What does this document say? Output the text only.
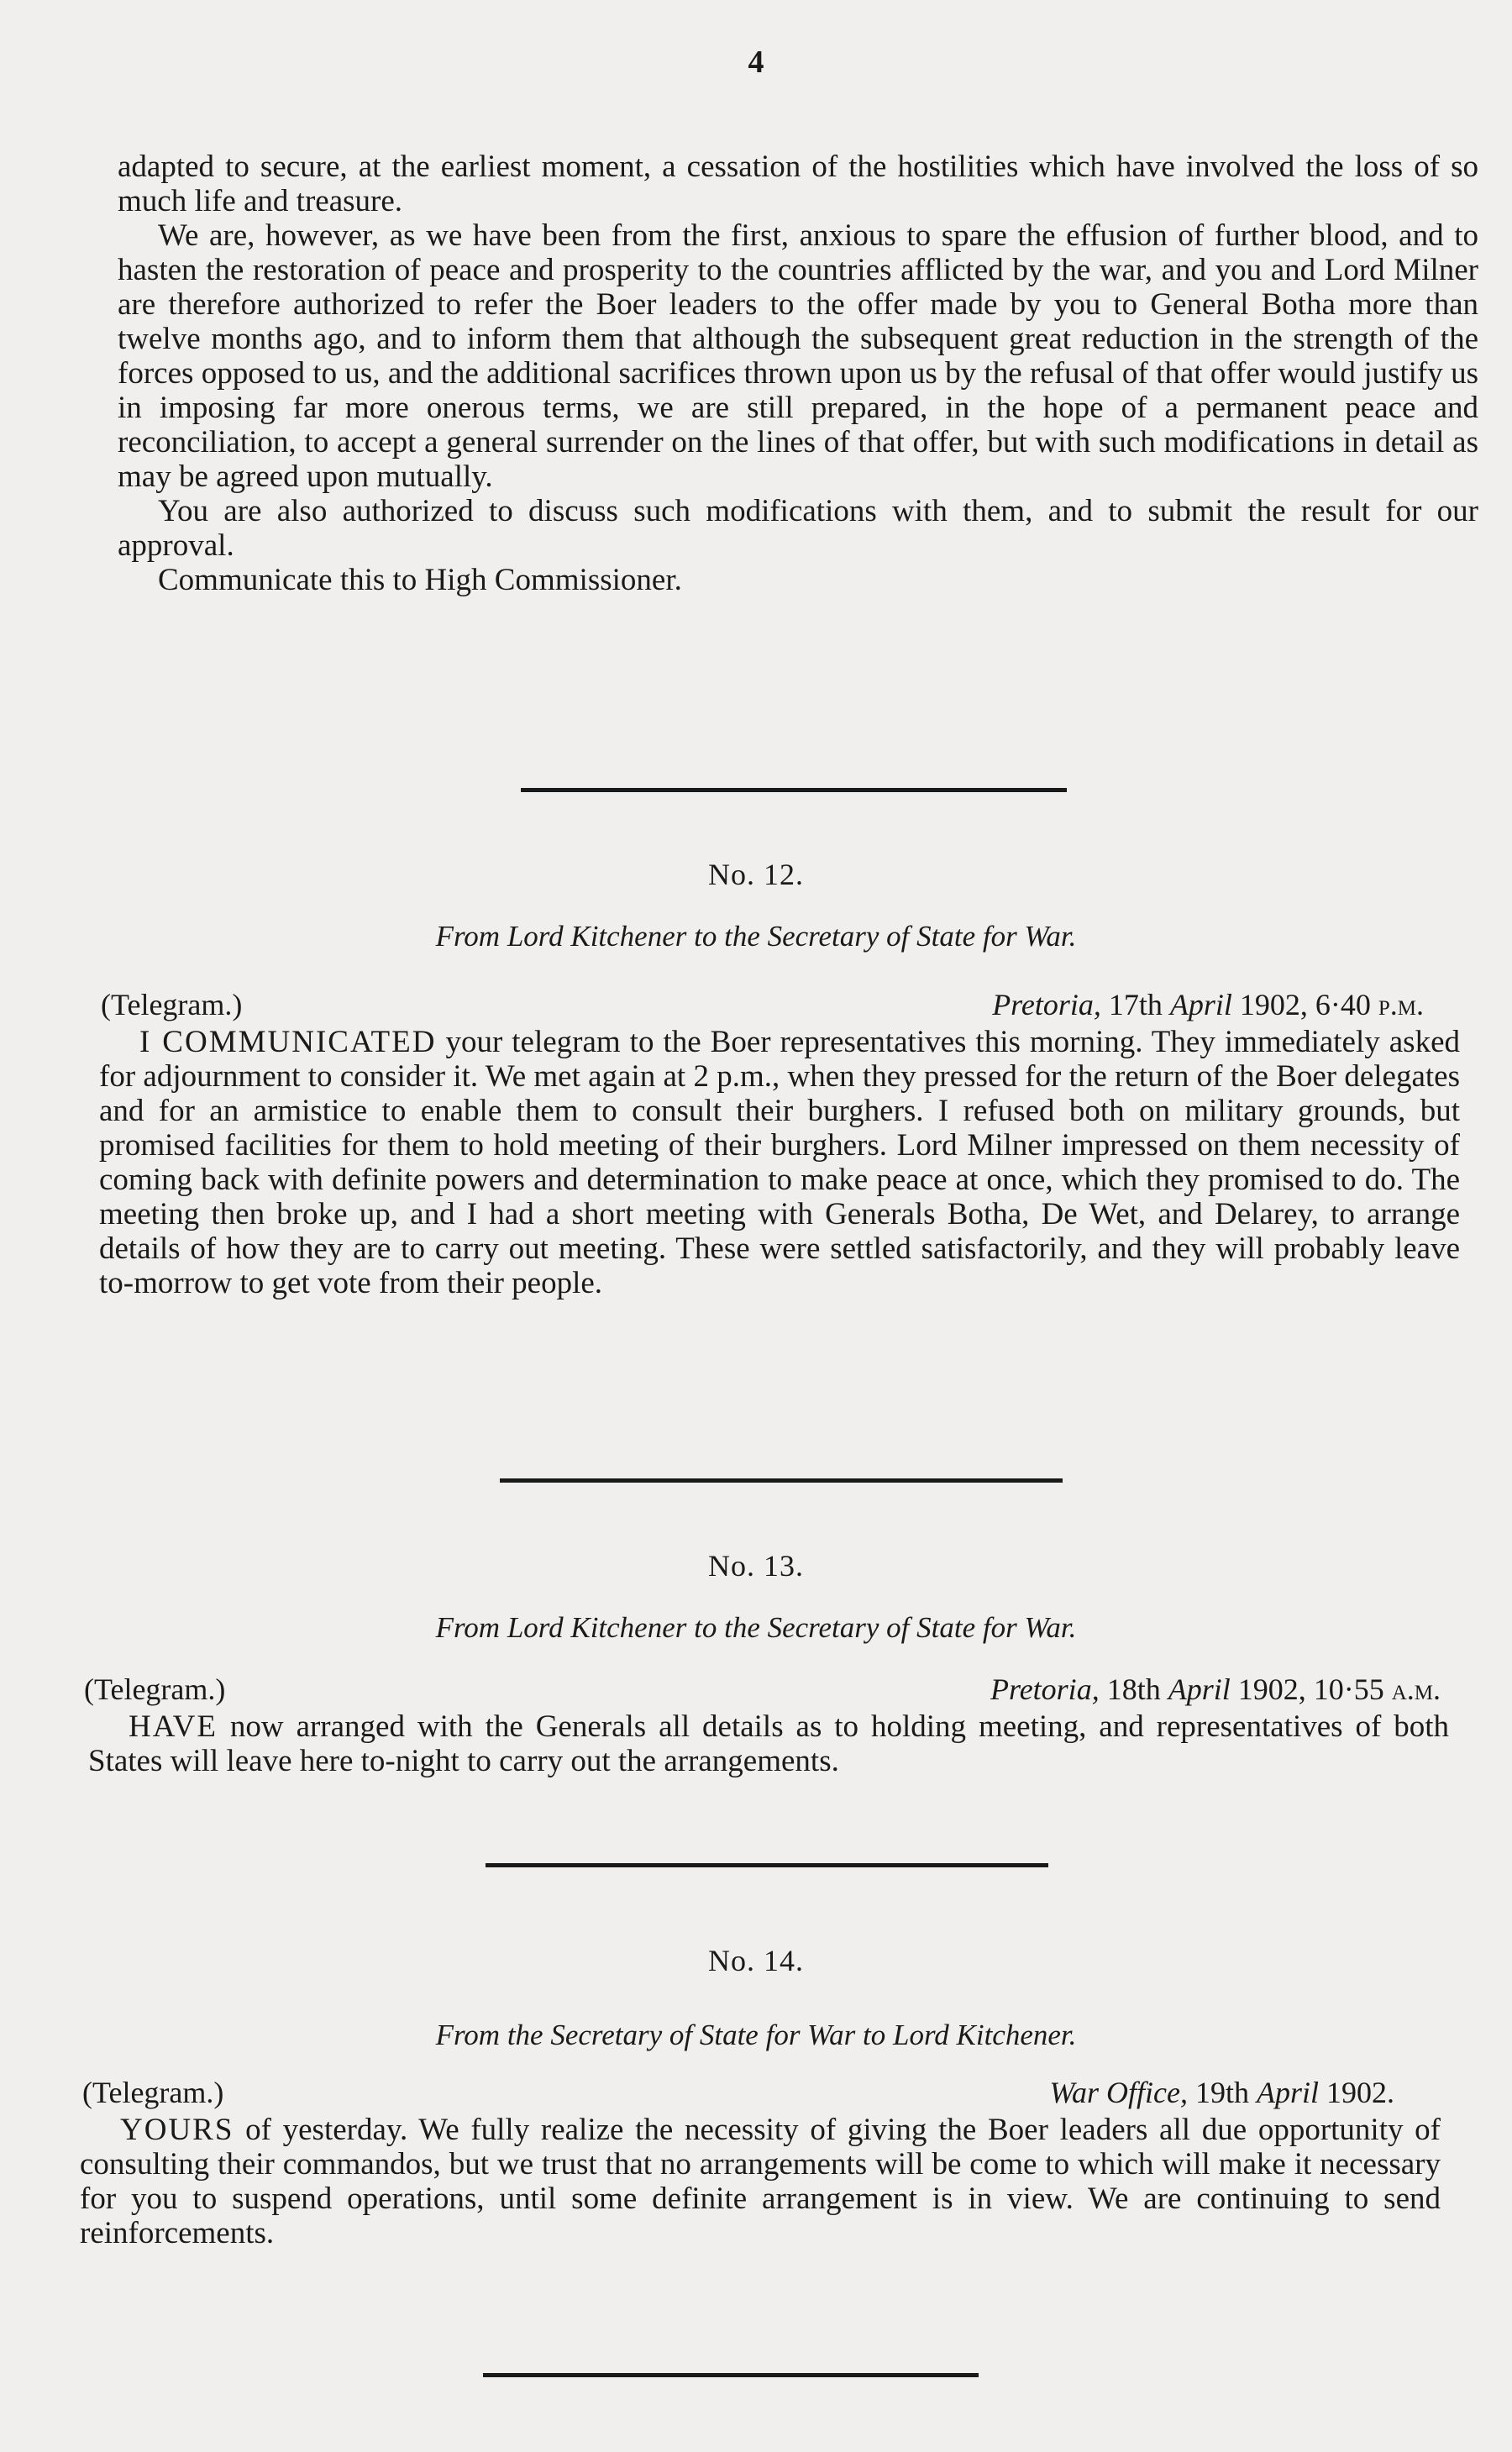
4

adapted to secure, at the earliest moment, a cessation of the hostilities which have involved the loss of so much life and treasure.

We are, however, as we have been from the first, anxious to spare the effusion of further blood, and to hasten the restoration of peace and prosperity to the countries afflicted by the war, and you and Lord Milner are therefore authorized to refer the Boer leaders to the offer made by you to General Botha more than twelve months ago, and to inform them that although the subsequent great reduction in the strength of the forces opposed to us, and the additional sacrifices thrown upon us by the refusal of that offer would justify us in imposing far more onerous terms, we are still prepared, in the hope of a permanent peace and reconciliation, to accept a general surrender on the lines of that offer, but with such modifications in detail as may be agreed upon mutually.

You are also authorized to discuss such modifications with them, and to submit the result for our approval.

Communicate this to High Commissioner.

No. 12.
From Lord Kitchener to the Secretary of State for War.
(Telegram.)	Pretoria, 17th April 1902, 6·40 p.m.

I COMMUNICATED your telegram to the Boer representatives this morning. They immediately asked for adjournment to consider it. We met again at 2 p.m., when they pressed for the return of the Boer delegates and for an armistice to enable them to consult their burghers. I refused both on military grounds, but promised facilities for them to hold meeting of their burghers. Lord Milner impressed on them necessity of coming back with definite powers and determination to make peace at once, which they promised to do. The meeting then broke up, and I had a short meeting with Generals Botha, De Wet, and Delarey, to arrange details of how they are to carry out meeting. These were settled satisfactorily, and they will probably leave to-morrow to get vote from their people.

No. 13.
From Lord Kitchener to the Secretary of State for War.
(Telegram.)	Pretoria, 18th April 1902, 10·55 a.m.

HAVE now arranged with the Generals all details as to holding meeting, and representatives of both States will leave here to-night to carry out the arrangements.

No. 14.
From the Secretary of State for War to Lord Kitchener.
(Telegram.)	War Office, 19th April 1902.

YOURS of yesterday. We fully realize the necessity of giving the Boer leaders all due opportunity of consulting their commandos, but we trust that no arrangements will be come to which will make it necessary for you to suspend operations, until some definite arrangement is in view. We are continuing to send reinforcements.
